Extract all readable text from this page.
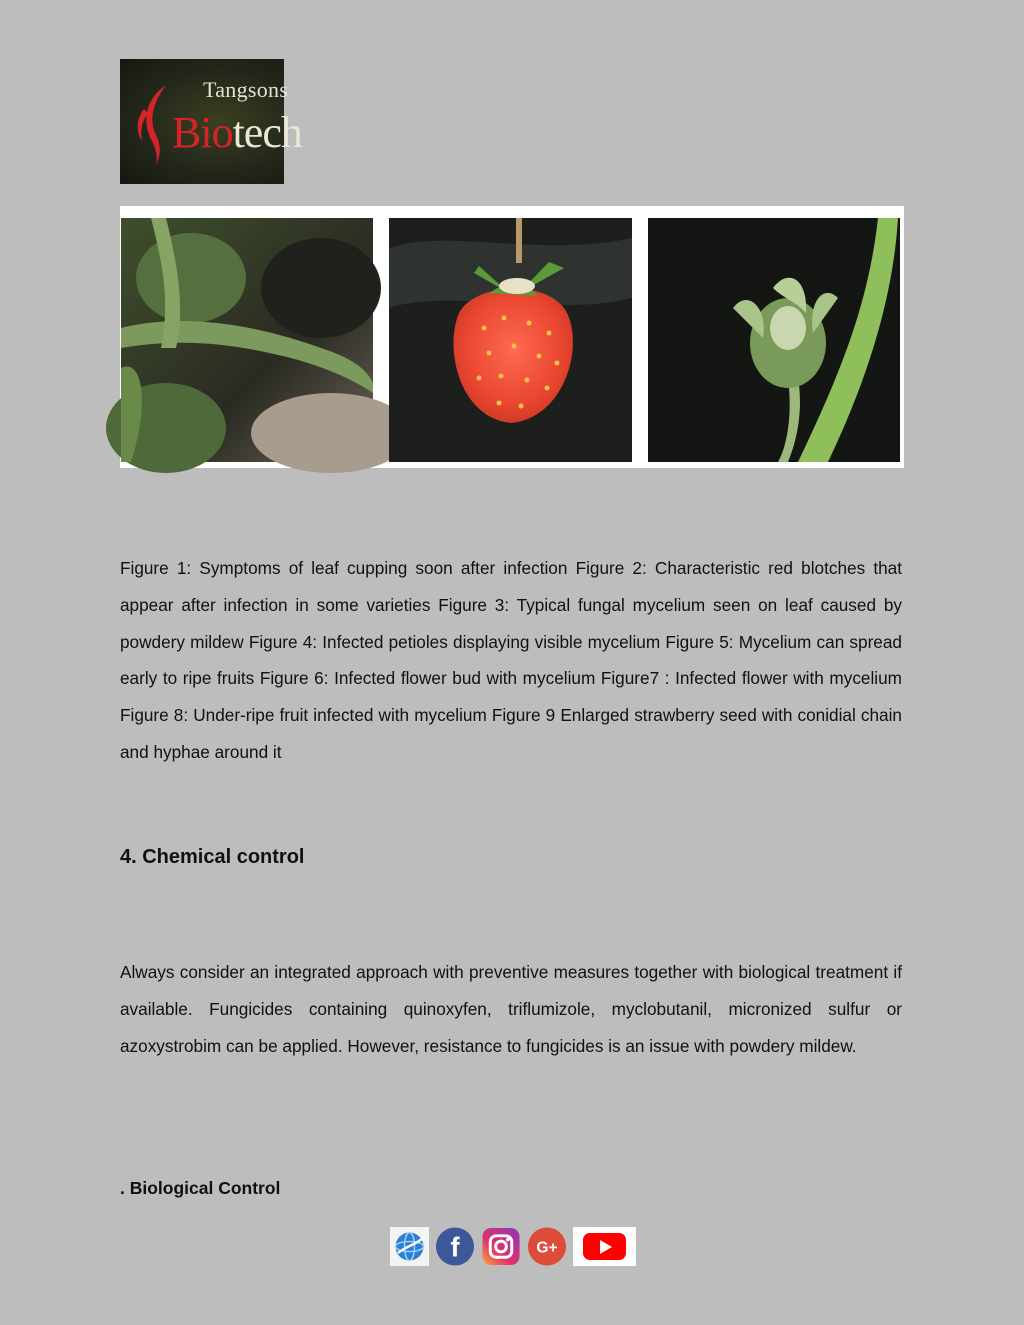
Tangsons
Biotech

Figure 1: Symptoms of leaf cupping soon after infection Figure 2: Characteristic red blotches that appear after infection in some varieties Figure 3: Typical fungal mycelium seen on leaf caused by powdery mildew Figure 4: Infected petioles displaying visible mycelium Figure 5: Mycelium can spread early to ripe fruits Figure 6: Infected flower bud with mycelium Figure7 : Infected flower with mycelium Figure 8: Under-ripe fruit infected with mycelium Figure 9 Enlarged strawberry seed with conidial chain and hyphae around it

4. Chemical control

Always consider an integrated approach with preventive measures together with biological treatment if available. Fungicides containing quinoxyfen, triflumizole, myclobutanil, micronized sulfur or azoxystrobim can be applied. However, resistance to fungicides is an issue with powdery mildew.

. Biological Control
f	G+
